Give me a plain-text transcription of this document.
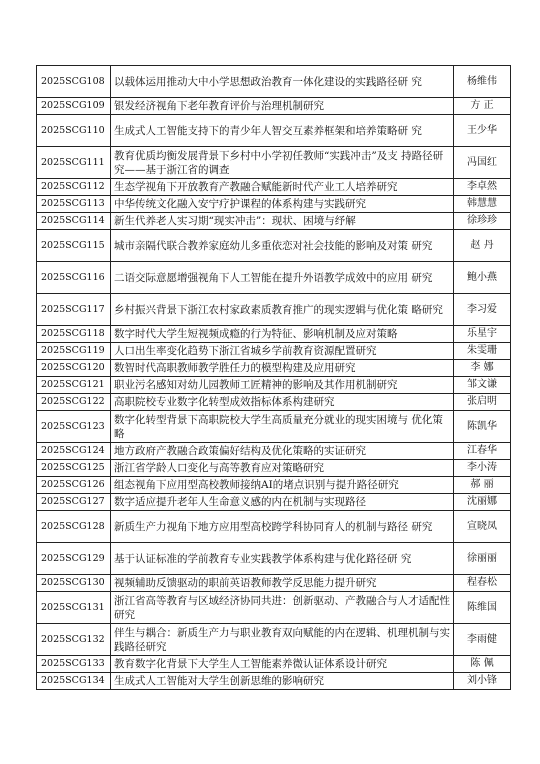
2025SCG108	以载体运用推动大中小学思想政治教育一体化建设的实践路径研 究	杨维伟
2025SCG109	银发经济视角下老年教育评价与治理机制研究	方 正
2025SCG110	生成式人工智能支持下的青少年人智交互素养框架和培养策略研 究	王少华
2025SCG111	教育优质均衡发展背景下乡村中小学初任教师“实践冲击”及支 持路径研究——基于浙江省的调查	冯国红
2025SCG112	生态学视角下开放教育产教融合赋能新时代产业工人培养研究	李卓然
2025SCG113	中华传统文化融入安宁疗护课程的体系构建与实践研究	韩慧慧
2025SCG114	新生代养老人实习期“现实冲击”：现状、困境与纾解	徐珍珍
2025SCG115	城市亲隔代联合教养家庭幼儿多重依恋对社会技能的影响及对策 研究	赵 丹
2025SCG116	二语交际意愿增强视角下人工智能在提升外语教学成效中的应用 研究	鲍小燕
2025SCG117	乡村振兴背景下浙江农村家政素质教育推广的现实逻辑与优化策 略研究	李习爱
2025SCG118	数字时代大学生短视频成瘾的行为特征、影响机制及应对策略	乐星宇
2025SCG119	人口出生率变化趋势下浙江省城乡学前教育资源配置研究	朱雯珊
2025SCG120	数智时代高职教师教学胜任力的模型构建及应用研究	李 娜
2025SCG121	职业污名感知对幼儿园教师工匠精神的影响及其作用机制研究	邹文谦
2025SCG122	高职院校专业数字化转型成效指标体系构建研究	张启明
2025SCG123	数字化转型背景下高职院校大学生高质量充分就业的现实困境与 优化策略	陈凯华
2025SCG124	地方政府产教融合政策偏好结构及优化策略的实证研究	江春华
2025SCG125	浙江省学龄人口变化与高等教育应对策略研究	李小涛
2025SCG126	组态视角下应用型高校教师接纳AI的堵点识别与提升路径研究	郝 丽
2025SCG127	数字适应提升老年人生命意义感的内在机制与实现路径	沈丽娜
2025SCG128	新质生产力视角下地方应用型高校跨学科协同育人的机制与路径 研究	宣晓凤
2025SCG129	基于认证标准的学前教育专业实践教学体系构建与优化路径研 究	徐丽丽
2025SCG130	视频辅助反馈驱动的职前英语教师教学反思能力提升研究	程春松
2025SCG131	浙江省高等教育与区域经济协同共进：创新驱动、产教融合与人才适配性研究	陈维国
2025SCG132	伴生与耦合：新质生产力与职业教育双向赋能的内在逻辑、机理机制与实践路径研究	李雨健
2025SCG133	教育数字化背景下大学生人工智能素养微认证体系设计研究	陈 佩
2025SCG134	生成式人工智能对大学生创新思维的影响研究	刘小锋
